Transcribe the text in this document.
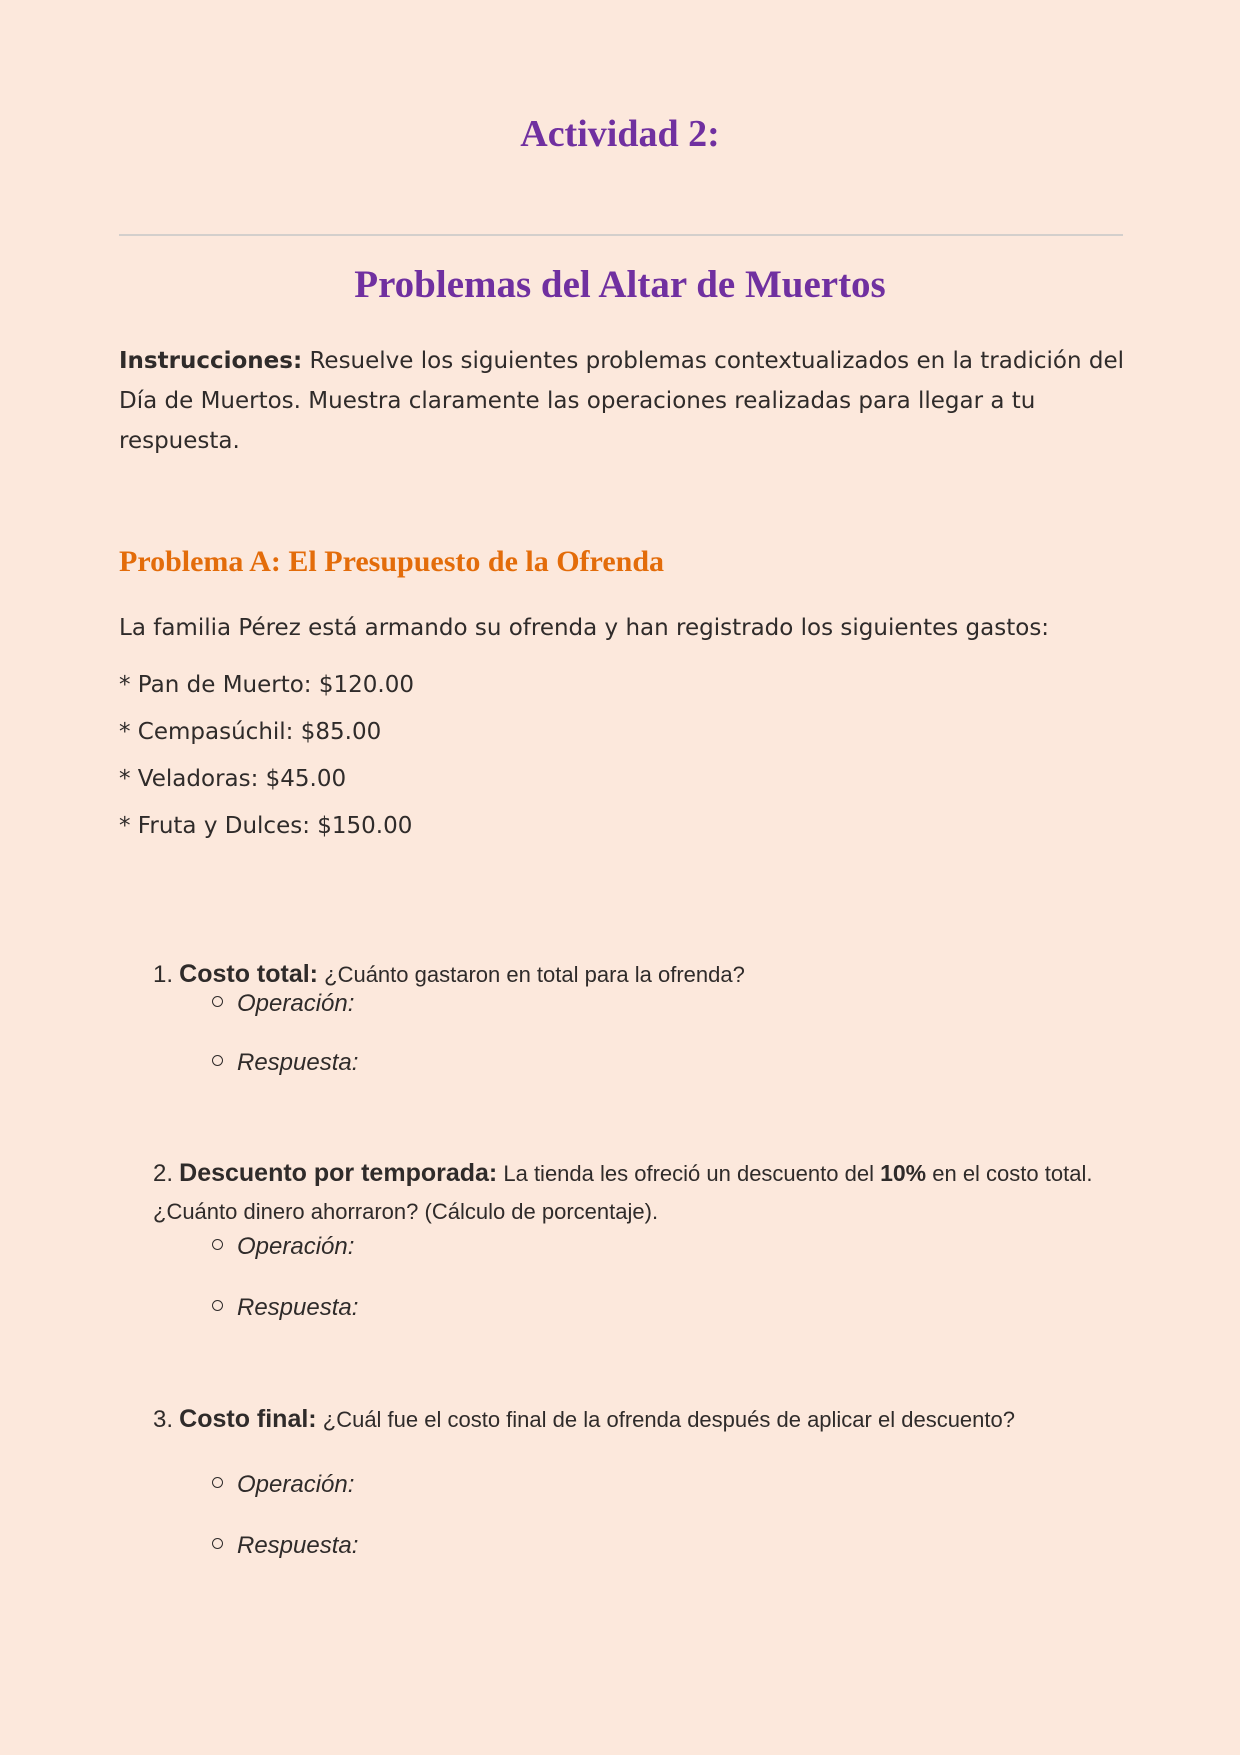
Actividad 2:
Problemas del Altar de Muertos
Instrucciones: Resuelve los siguientes problemas contextualizados en la tradición del Día de Muertos. Muestra claramente las operaciones realizadas para llegar a tu respuesta.
Problema A: El Presupuesto de la Ofrenda
La familia Pérez está armando su ofrenda y han registrado los siguientes gastos:
* Pan de Muerto: $120.00
* Cempasúchil: $85.00
* Veladoras: $45.00
* Fruta y Dulces: $150.00
1. Costo total: ¿Cuánto gastaron en total para la ofrenda?
Operación:
Respuesta:
2. Descuento por temporada: La tienda les ofreció un descuento del 10% en el costo total. ¿Cuánto dinero ahorraron? (Cálculo de porcentaje).
Operación:
Respuesta:
3. Costo final: ¿Cuál fue el costo final de la ofrenda después de aplicar el descuento?
Operación:
Respuesta:
